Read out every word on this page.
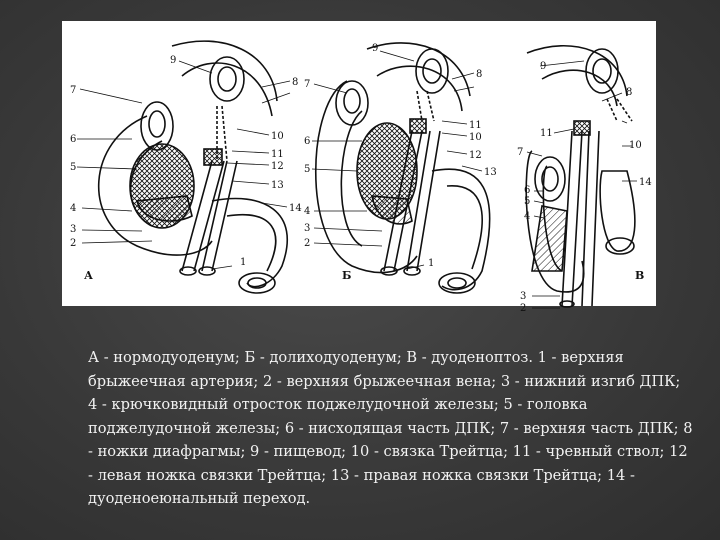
7
6
5
4
3
2
9
8
10
11
12
13
14
1
А
7
6
5
4
3
2
9
8
11
10
12
13
1
Б
9
8
11
10
7
14
6
5
4
3
2
В

А - нормодуоденум; Б - долиходуоденум; В - дуоденоптоз. 1 - верхняя брыжеечная артерия; 2 - верхняя брыжеечная вена; 3 - нижний изгиб ДПК; 4 - крючковидный отросток поджелудочной железы; 5 - головка поджелудочной железы; 6 - нисходящая часть ДПК; 7 - верхняя часть ДПК; 8 - ножки диафрагмы; 9 - пищевод; 10 - связка Трейтца; 11 - чревный ствол; 12 - левая ножка связки Трейтца; 13 - правая ножка связки Трейтца; 14 - дуоденоеюнальный переход.
